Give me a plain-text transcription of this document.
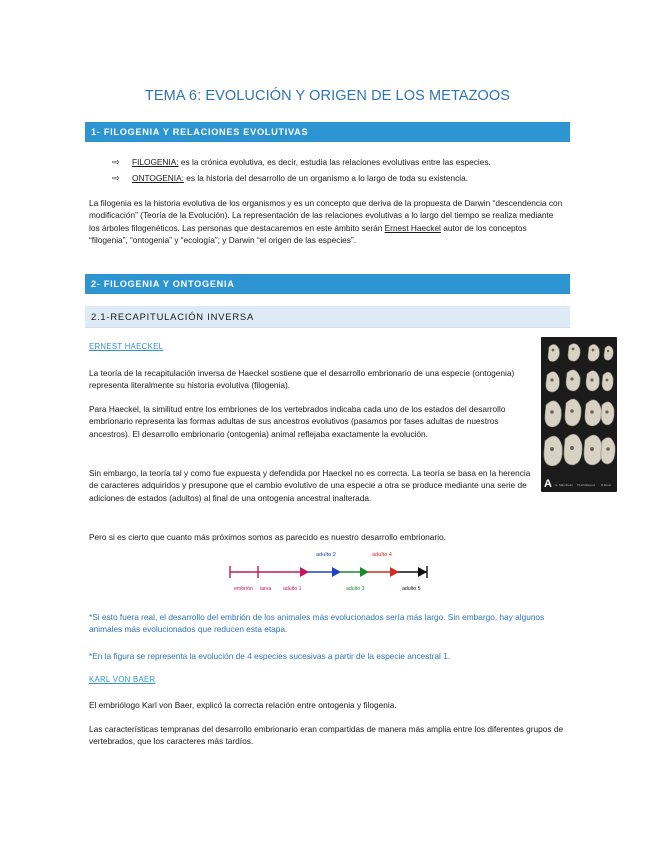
TEMA 6: EVOLUCIÓN Y ORIGEN DE LOS METAZOOS
1- FILOGENIA Y RELACIONES EVOLUTIVAS
⇨ FILOGENIA: es la crónica evolutiva, es decir, estudia las relaciones evolutivas entre las especies.
⇨ ONTOGENIA: es la historia del desarrollo de un organismo a lo largo de toda su existencia.
La filogenia es la historia evolutiva de los organismos y es un concepto que deriva de la propuesta de Darwin “descendencia con modificación” (Teoría de la Evolución). La representación de las relaciones evolutivas a lo largo del tiempo se realiza mediante los árboles filogenéticos. Las personas que destacaremos en este ámbito serán Ernest Haeckel autor de los conceptos “filogenia”, “ontogenia” y “ecología”; y Darwin “el origen de las especies”.
2- FILOGENIA Y ONTOGENIA
2.1-RECAPITULACIÓN INVERSA
ERNEST HAECKEL
La teoría de la recapitulación inversa de Haeckel sostiene que el desarrollo embrionario de una especie (ontogenia) representa literalmente su historia evolutiva (filogenia).
Para Haeckel, la similitud entre los embriones de los vertebrados indicaba cada uno de los estados del desarrollo embrionario representa las formas adultas de sus ancestros evolutivos (pasamos por fases adultas de nuestros ancestros). El desarrollo embrionario (ontogenia) animal reflejaba exactamente la evolución.
Sin embargo, la teoría tal y como fue expuesta y defendida por Haeckel no es correcta. La teoría se basa en la herencia de caracteres adquiridos y presupone que el cambio evolutivo de una especie a otra se produce mediante una serie de adiciones de estados (adultos) al final de una ontogenia ancestral inalterada.
Pero si es cierto que cuanto más próximos somos as parecido es nuestro desarrollo embrionario.
A G. Mannheim T.H.Kirkwood R.Roux
adulto 2	adulto 4
embrión larva adulto 1	adulto 3	adulto 5
*Si esto fuera real, el desarrollo del embrión de los animales más evolucionados sería más largo. Sin embargo, hay algunos animales más evolucionados que reducen esta etapa.
*En la figura se representa la evolución de 4 especies sucesivas a partir de la especie ancestral 1.
KARL VON BAER
El embriólogo Karl von Baer, explicó la correcta relación entre ontogenia y filogenia.
Las características tempranas del desarrollo embrionario eran compartidas de manera más amplia entre los diferentes grupos de vertebrados, que los caracteres más tardíos.
